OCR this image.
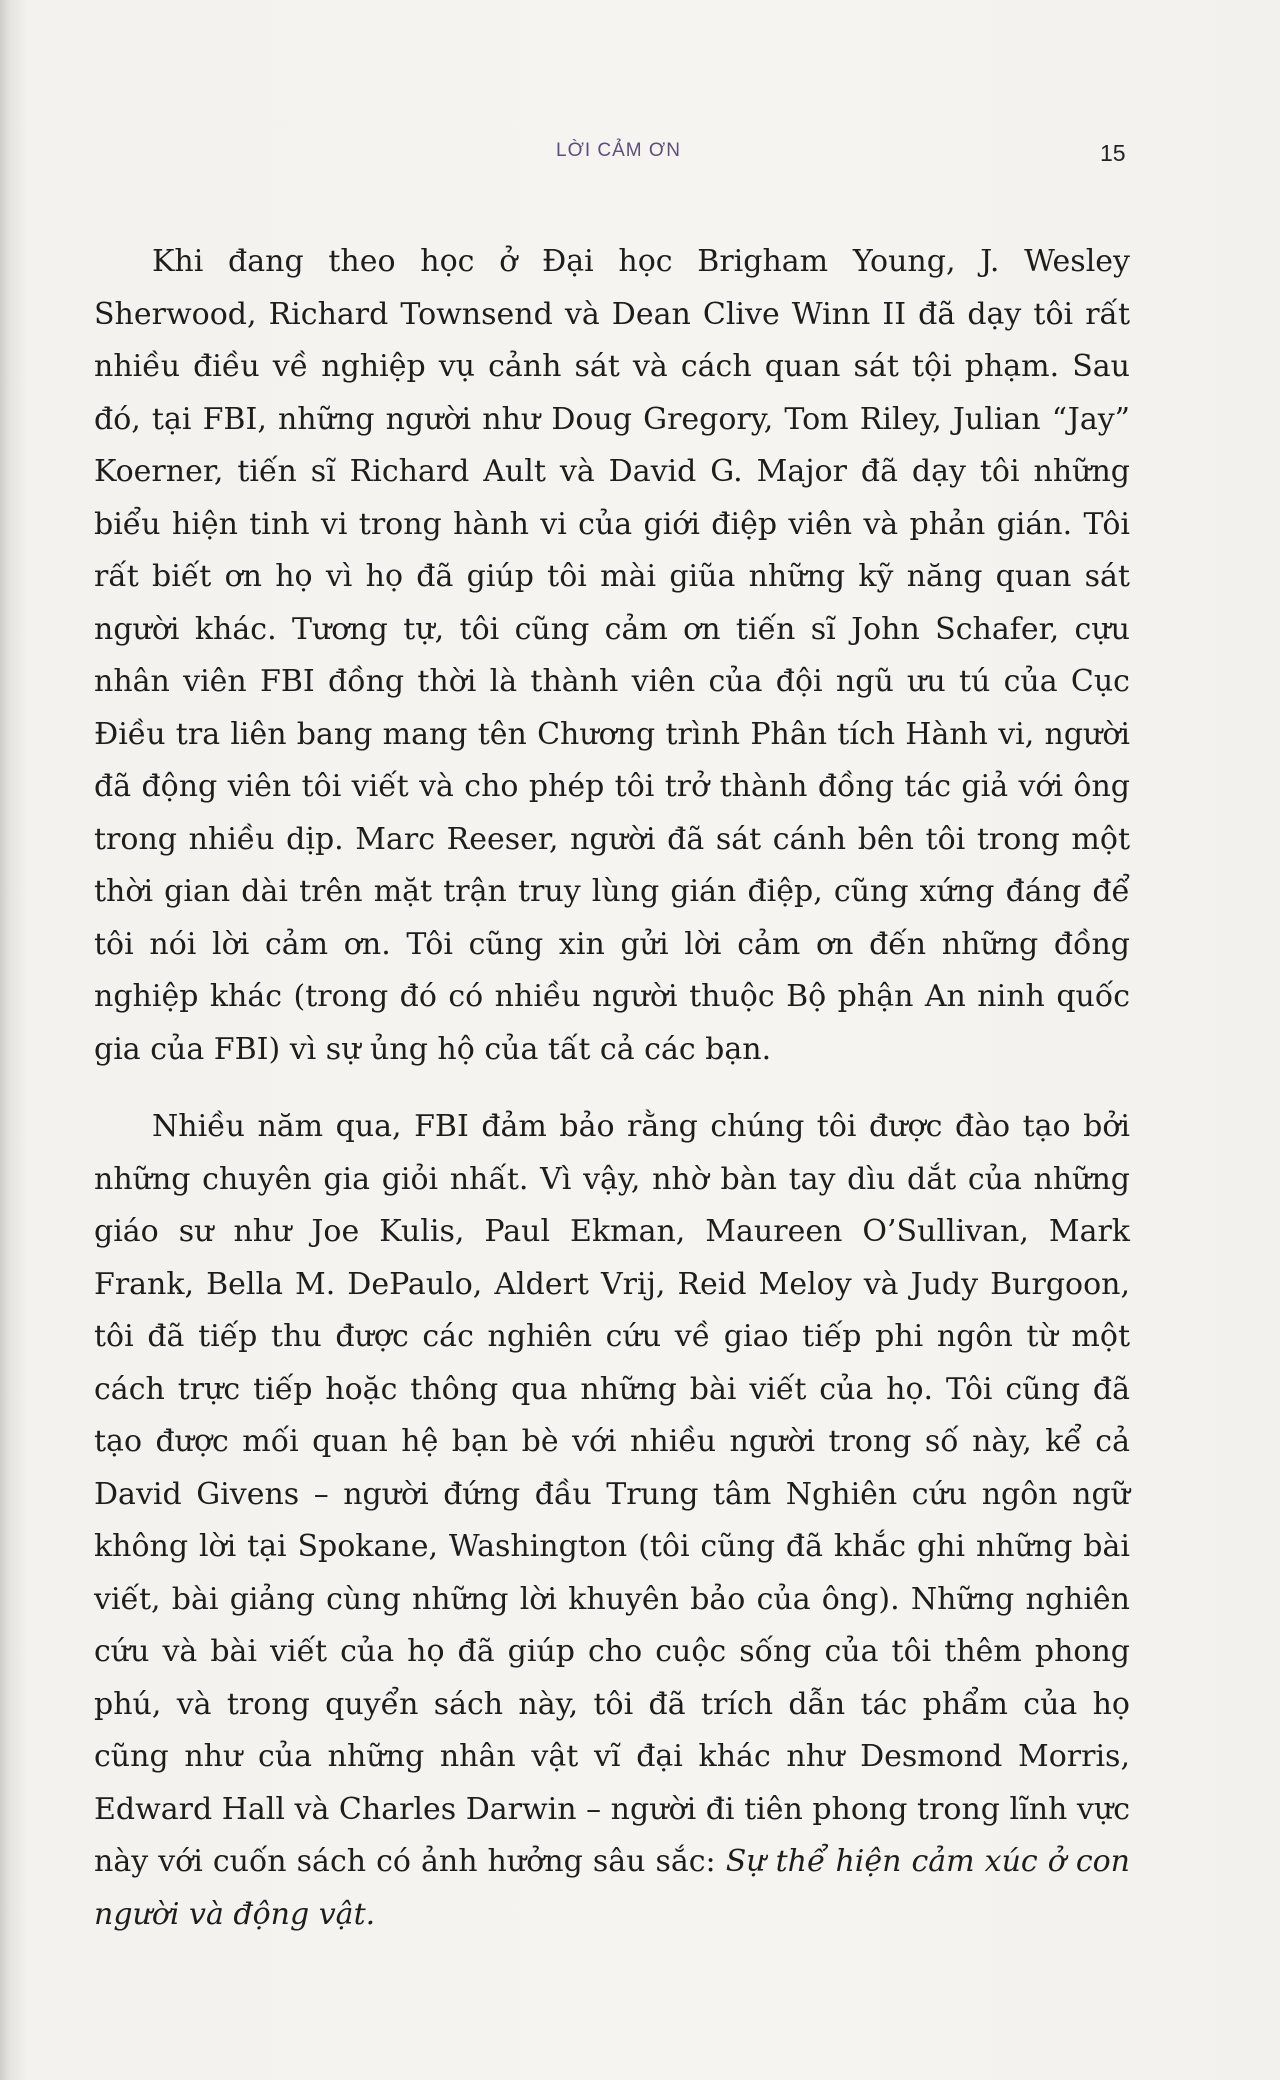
LỜI CẢM ƠN	15

Khi đang theo học ở Đại học Brigham Young, J. Wesley Sherwood, Richard Townsend và Dean Clive Winn II đã dạy tôi rất nhiều điều về nghiệp vụ cảnh sát và cách quan sát tội phạm. Sau đó, tại FBI, những người như Doug Gregory, Tom Riley, Julian “Jay” Koerner, tiến sĩ Richard Ault và David G. Major đã dạy tôi những biểu hiện tinh vi trong hành vi của giới điệp viên và phản gián. Tôi rất biết ơn họ vì họ đã giúp tôi mài giũa những kỹ năng quan sát người khác. Tương tự, tôi cũng cảm ơn tiến sĩ John Schafer, cựu nhân viên FBI đồng thời là thành viên của đội ngũ ưu tú của Cục Điều tra liên bang mang tên Chương trình Phân tích Hành vi, người đã động viên tôi viết và cho phép tôi trở thành đồng tác giả với ông trong nhiều dịp. Marc Reeser, người đã sát cánh bên tôi trong một thời gian dài trên mặt trận truy lùng gián điệp, cũng xứng đáng để tôi nói lời cảm ơn. Tôi cũng xin gửi lời cảm ơn đến những đồng nghiệp khác (trong đó có nhiều người thuộc Bộ phận An ninh quốc gia của FBI) vì sự ủng hộ của tất cả các bạn.

Nhiều năm qua, FBI đảm bảo rằng chúng tôi được đào tạo bởi những chuyên gia giỏi nhất. Vì vậy, nhờ bàn tay dìu dắt của những giáo sư như Joe Kulis, Paul Ekman, Maureen O’Sullivan, Mark Frank, Bella M. DePaulo, Aldert Vrij, Reid Meloy và Judy Burgoon, tôi đã tiếp thu được các nghiên cứu về giao tiếp phi ngôn từ một cách trực tiếp hoặc thông qua những bài viết của họ. Tôi cũng đã tạo được mối quan hệ bạn bè với nhiều người trong số này, kể cả David Givens – người đứng đầu Trung tâm Nghiên cứu ngôn ngữ không lời tại Spokane, Washington (tôi cũng đã khắc ghi những bài viết, bài giảng cùng những lời khuyên bảo của ông). Những nghiên cứu và bài viết của họ đã giúp cho cuộc sống của tôi thêm phong phú, và trong quyển sách này, tôi đã trích dẫn tác phẩm của họ cũng như của những nhân vật vĩ đại khác như Desmond Morris, Edward Hall và Charles Darwin – người đi tiên phong trong lĩnh vực này với cuốn sách có ảnh hưởng sâu sắc: Sự thể hiện cảm xúc ở con người và động vật.
